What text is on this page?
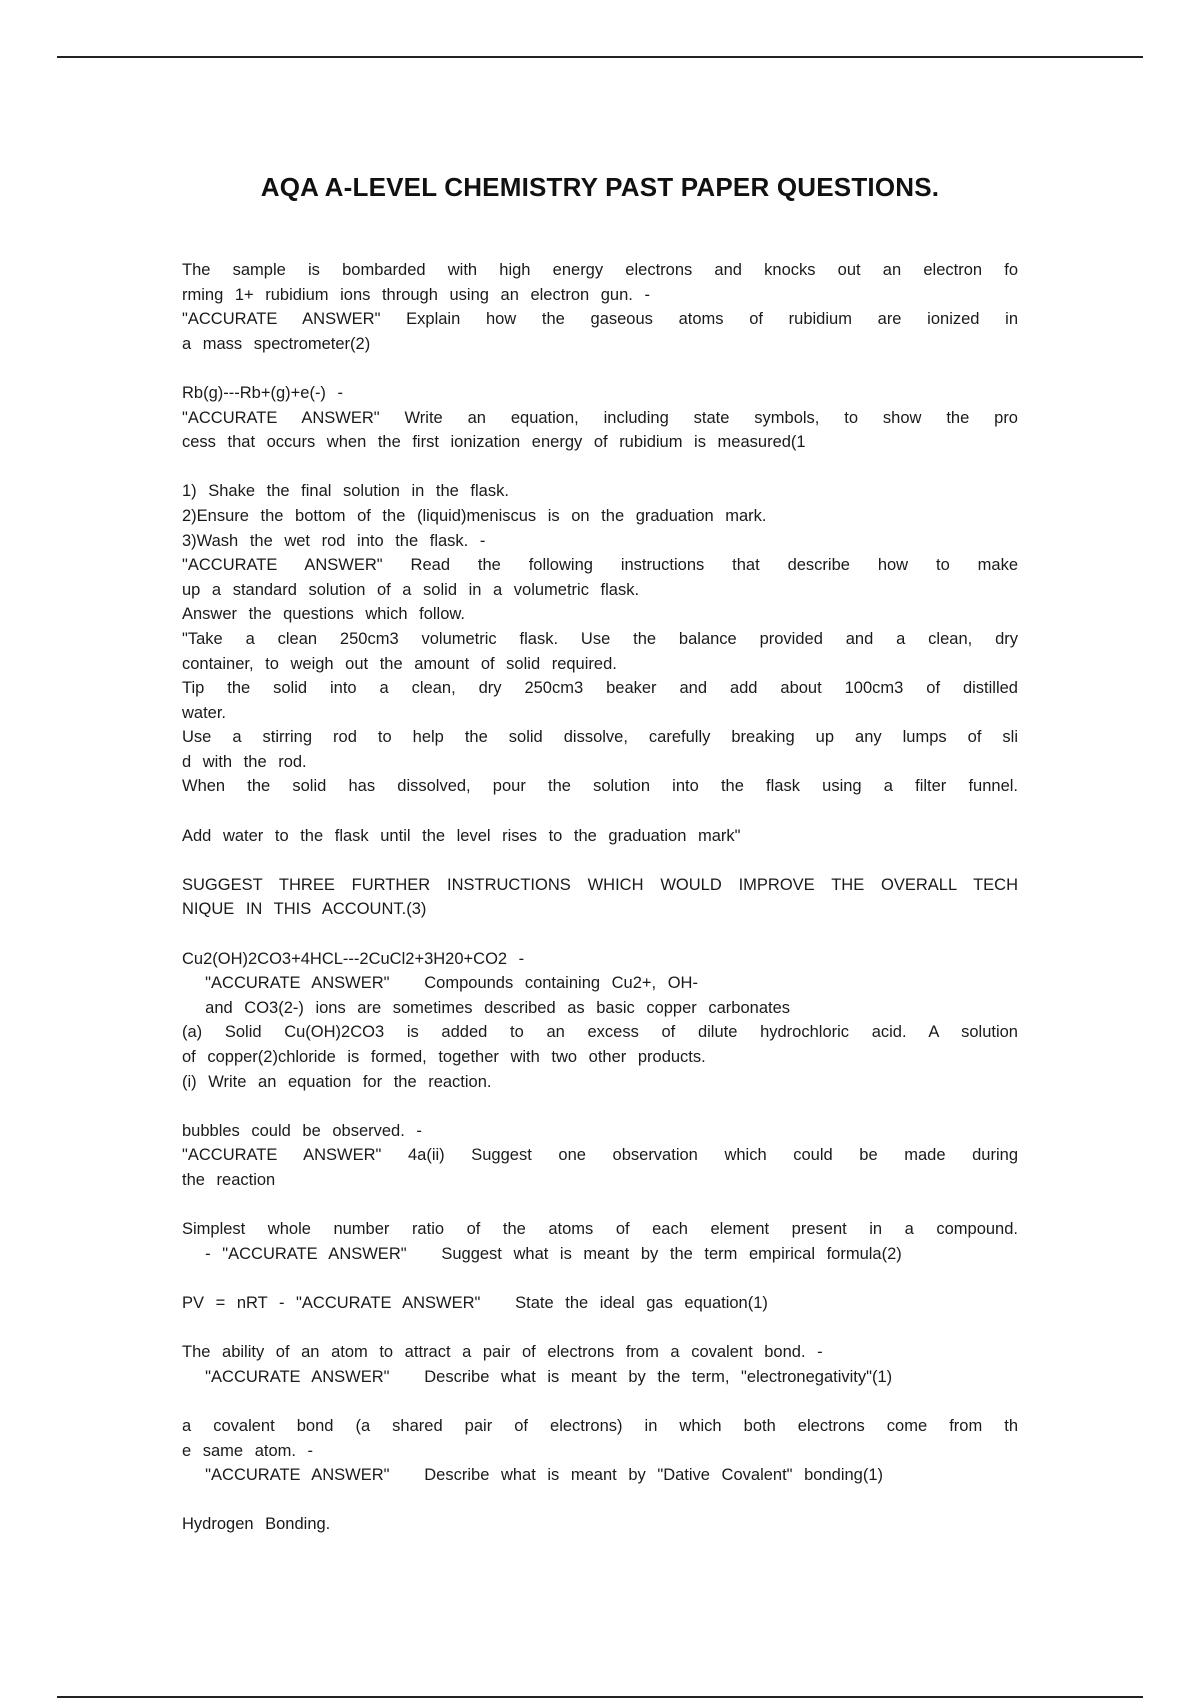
AQA A-LEVEL CHEMISTRY PAST PAPER QUESTIONS.
The sample is bombarded with high energy electrons and knocks out an electron fo
rming 1+ rubidium ions through using an electron gun. -
"ACCURATE ANSWER" Explain how the gaseous atoms of rubidium are ionized in
a mass spectrometer(2)
Rb(g)---Rb+(g)+e(-) -
"ACCURATE ANSWER" Write an equation, including state symbols, to show the pro
cess that occurs when the first ionization energy of rubidium is measured(1
1) Shake the final solution in the flask.
2)Ensure the bottom of the (liquid)meniscus is on the graduation mark.
3)Wash the wet rod into the flask. -
"ACCURATE ANSWER" Read the following instructions that describe how to make
up a standard solution of a solid in a volumetric flask.
Answer the questions which follow.
"Take a clean 250cm3 volumetric flask. Use the balance provided and a clean, dry
container, to weigh out the amount of solid required.
Tip the solid into a clean, dry 250cm3 beaker and add about 100cm3 of distilled
water.
Use a stirring rod to help the solid dissolve, carefully breaking up any lumps of sli
d with the rod.
When the solid has dissolved, pour the solution into the flask using a filter funnel.
Add water to the flask until the level rises to the graduation mark"
SUGGEST THREE FURTHER INSTRUCTIONS WHICH WOULD IMPROVE THE OVERALL TECH
NIQUE IN THIS ACCOUNT.(3)
Cu2(OH)2CO3+4HCL---2CuCl2+3H20+CO2 -
"ACCURATE ANSWER"   Compounds containing Cu2+, OH-
and CO3(2-) ions are sometimes described as basic copper carbonates
(a) Solid Cu(OH)2CO3 is added to an excess of dilute hydrochloric acid. A solution
of copper(2)chloride is formed, together with two other products.
(i) Write an equation for the reaction.
bubbles could be observed. -
"ACCURATE ANSWER" 4a(ii) Suggest one observation which could be made during
the reaction
Simplest whole number ratio of the atoms of each element present in a compound.
- "ACCURATE ANSWER"   Suggest what is meant by the term empirical formula(2)
PV = nRT - "ACCURATE ANSWER"   State the ideal gas equation(1)
The ability of an atom to attract a pair of electrons from a covalent bond. -
"ACCURATE ANSWER"   Describe what is meant by the term, "electronegativity"(1)
a covalent bond (a shared pair of electrons) in which both electrons come from th
e same atom. -
"ACCURATE ANSWER"   Describe what is meant by "Dative Covalent" bonding(1)
Hydrogen Bonding.
